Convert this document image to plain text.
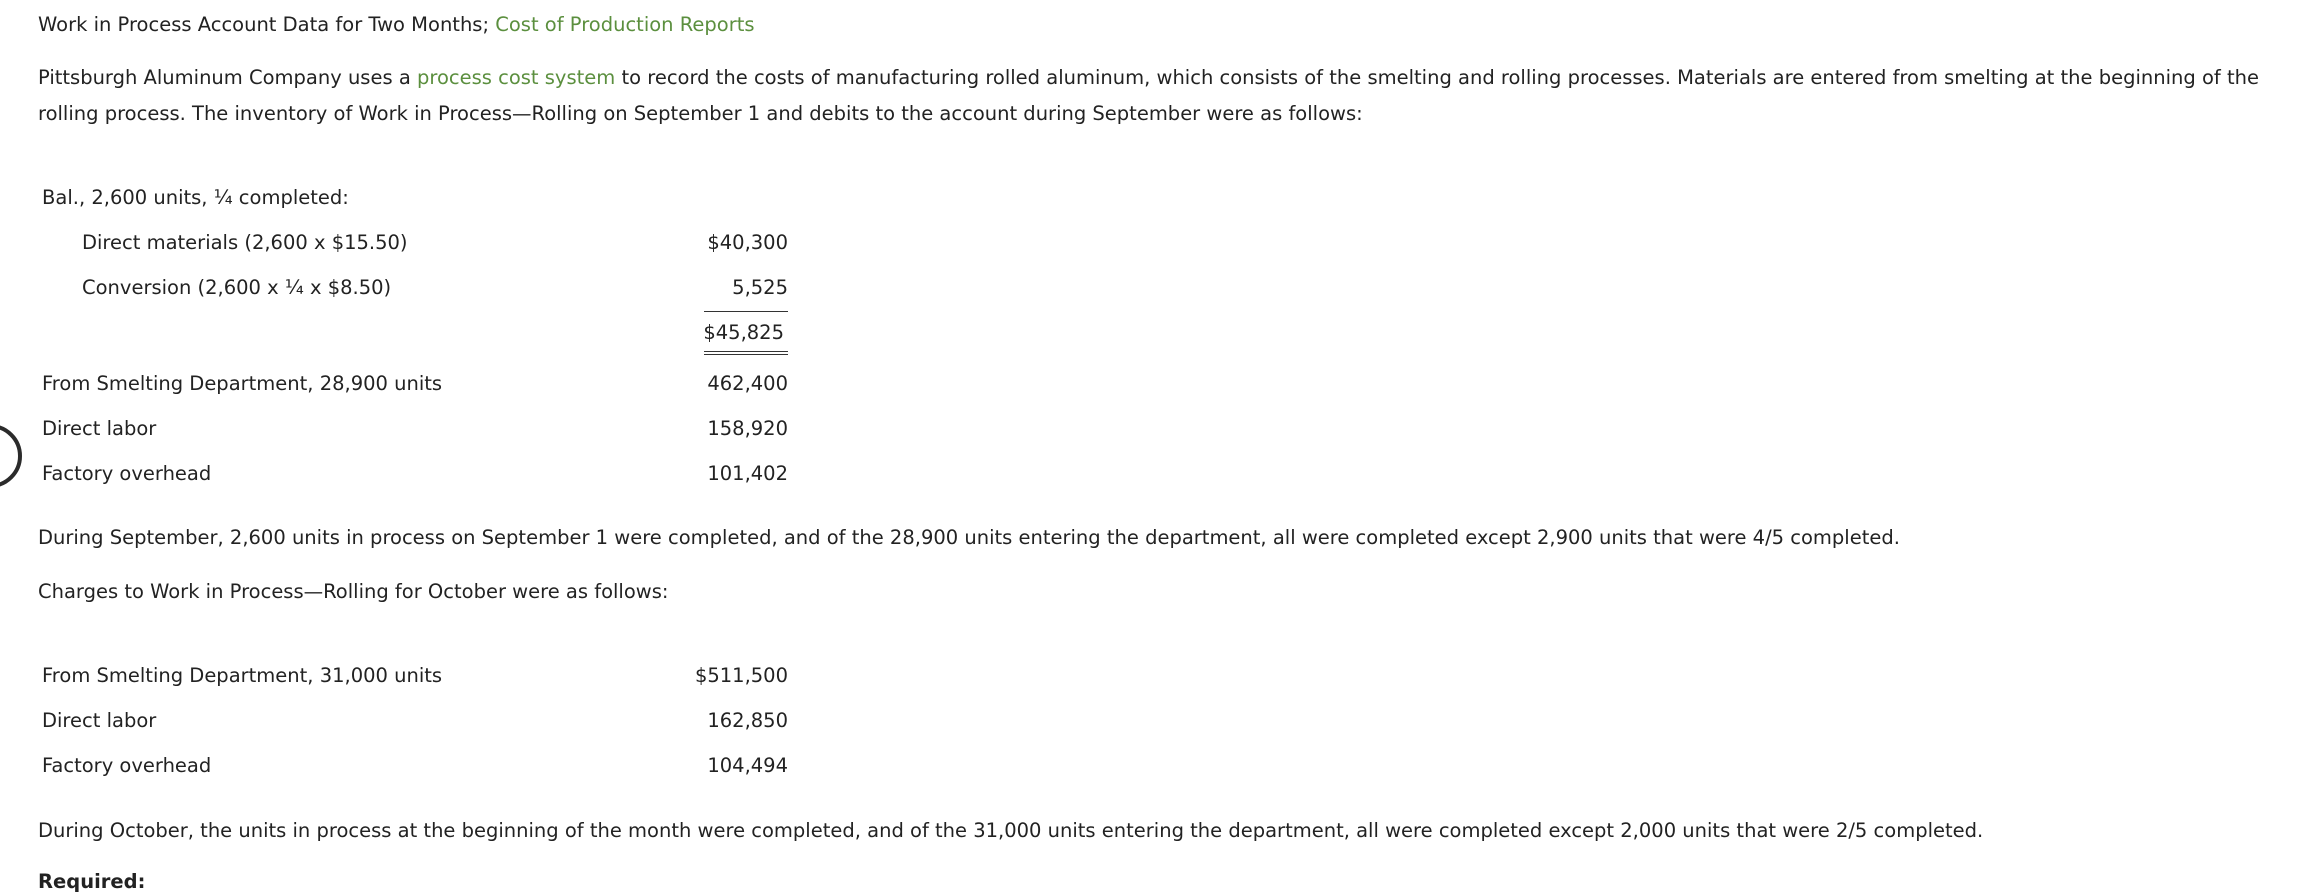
Work in Process Account Data for Two Months; Cost of Production Reports
Pittsburgh Aluminum Company uses a process cost system to record the costs of manufacturing rolled aluminum, which consists of the smelting and rolling processes. Materials are entered from smelting at the beginning of the rolling process. The inventory of Work in Process—Rolling on September 1 and debits to the account during September were as follows:
Bal., 2,600 units, ¼ completed:
Direct materials (2,600 x $15.50)	$40,300
Conversion (2,600 x ¼ x $8.50)	5,525
$45,825
From Smelting Department, 28,900 units	462,400
Direct labor	158,920
Factory overhead	101,402
During September, 2,600 units in process on September 1 were completed, and of the 28,900 units entering the department, all were completed except 2,900 units that were 4/5 completed.
Charges to Work in Process—Rolling for October were as follows:
From Smelting Department, 31,000 units	$511,500
Direct labor	162,850
Factory overhead	104,494
During October, the units in process at the beginning of the month were completed, and of the 31,000 units entering the department, all were completed except 2,000 units that were 2/5 completed.
Required:
